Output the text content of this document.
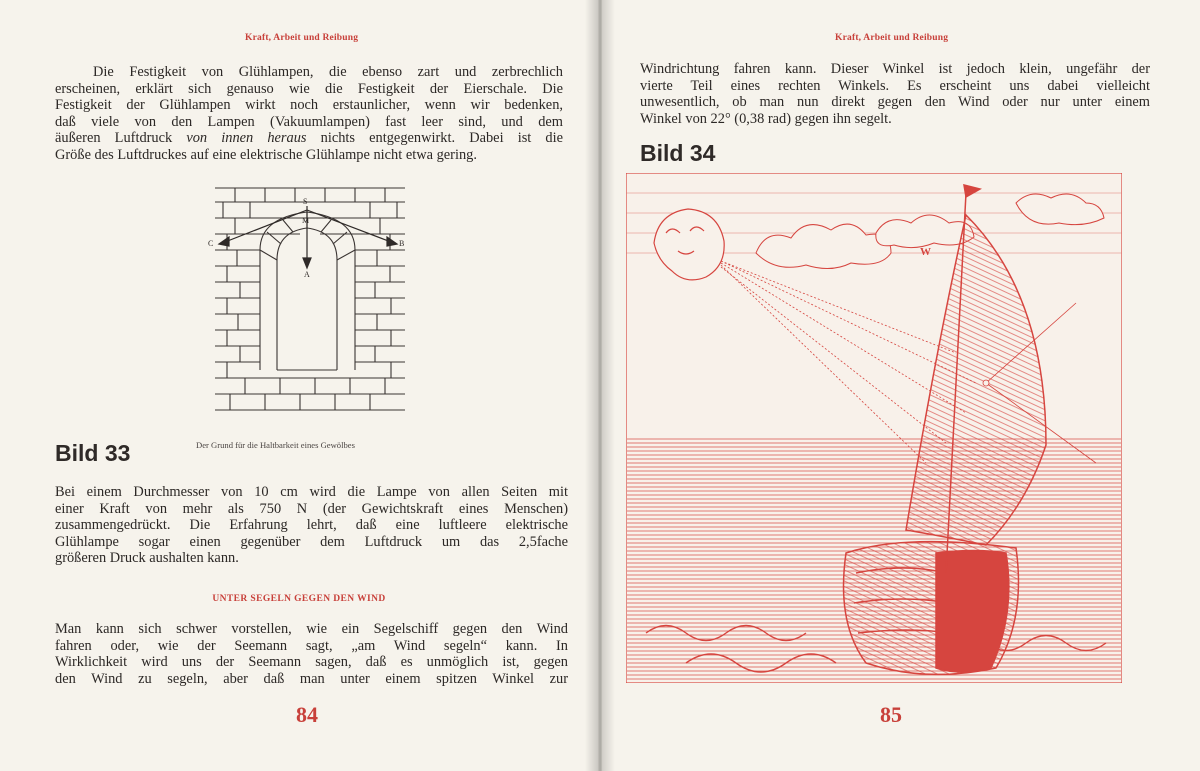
Kraft, Arbeit und Reibung
Die Festigkeit von Glühlampen, die ebenso zart und zerbrechlich
erscheinen, erklärt sich genauso wie die Festigkeit der Eierschale. Die
Festigkeit der Glühlampen wirkt noch erstaunlicher, wenn wir bedenken,
daß viele von den Lampen (Vakuumlampen) fast leer sind, und dem
äußeren Luftdruck von innen heraus nichts entgegenwirkt. Dabei ist die
Größe des Luftdruckes auf eine elektrische Glühlampe nicht etwa gering.
S
M
A
C	B
Bild 33	Der Grund für die Haltbarkeit eines Gewölbes
Bei einem Durchmesser von 10 cm wird die Lampe von allen Seiten mit
einer Kraft von mehr als 750 N (der Gewichtskraft eines Menschen)
zusammengedrückt. Die Erfahrung lehrt, daß eine luftleere elektrische
Glühlampe sogar einen gegenüber dem Luftdruck um das 2,5fache
größeren Druck aushalten kann.
UNTER SEGELN GEGEN DEN WIND
Man kann sich schwer vorstellen, wie ein Segelschiff gegen den Wind
fahren oder, wie der Seemann sagt, „am Wind segeln“ kann. In
Wirklichkeit wird uns der Seemann sagen, daß es unmöglich ist, gegen
den Wind zu segeln, aber daß man unter einem spitzen Winkel zur
84
Kraft, Arbeit und Reibung
Windrichtung fahren kann. Dieser Winkel ist jedoch klein, ungefähr der
vierte Teil eines rechten Winkels. Es erscheint uns dabei vielleicht
unwesentlich, ob man nun direkt gegen den Wind oder nur unter einem
Winkel von 22° (0,38 rad) gegen ihn segelt.
Bild 34
W
85
